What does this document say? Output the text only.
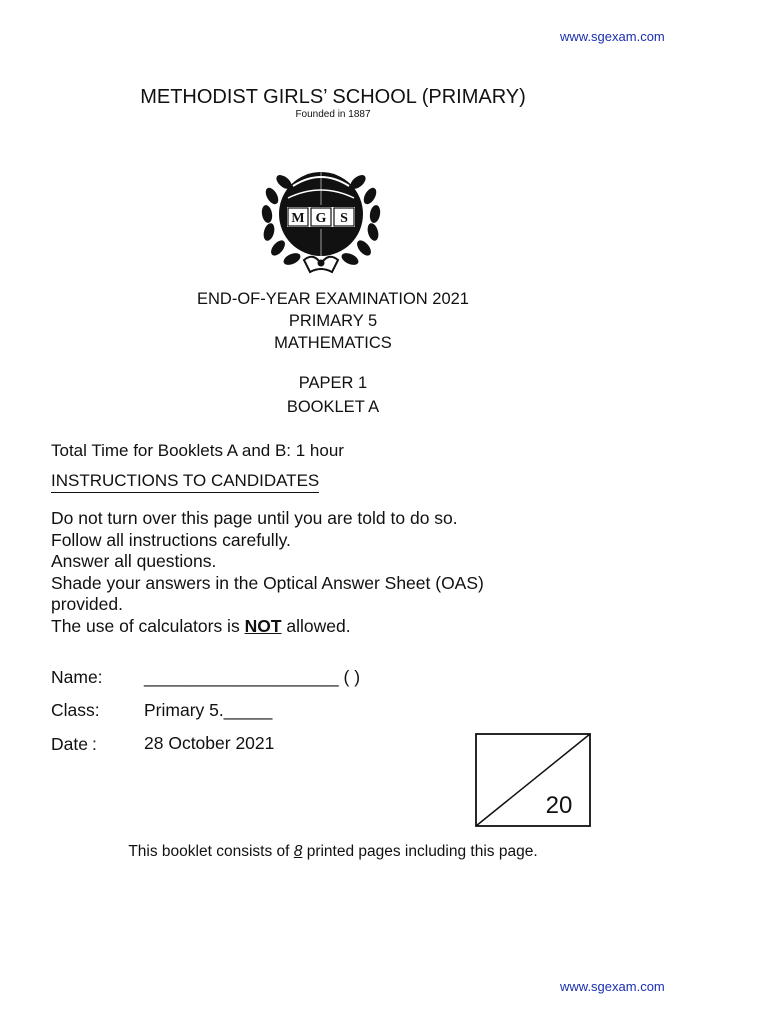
www.sgexam.com
METHODIST GIRLS’ SCHOOL (PRIMARY)
Founded in 1887
M G S
END-OF-YEAR EXAMINATION 2021
PRIMARY 5
MATHEMATICS
PAPER 1
BOOKLET A
Total Time for Booklets A and B: 1 hour
INSTRUCTIONS TO CANDIDATES
Do not turn over this page until you are told to do so.
Follow all instructions carefully.
Answer all questions.
Shade your answers in the Optical Answer Sheet (OAS)
provided.
The use of calculators is NOT allowed.
Name: ____________________ ( )
Class:	Primary 5._____
Date :	28 October 2021
20
This booklet consists of 8 printed pages including this page.
www.sgexam.com
